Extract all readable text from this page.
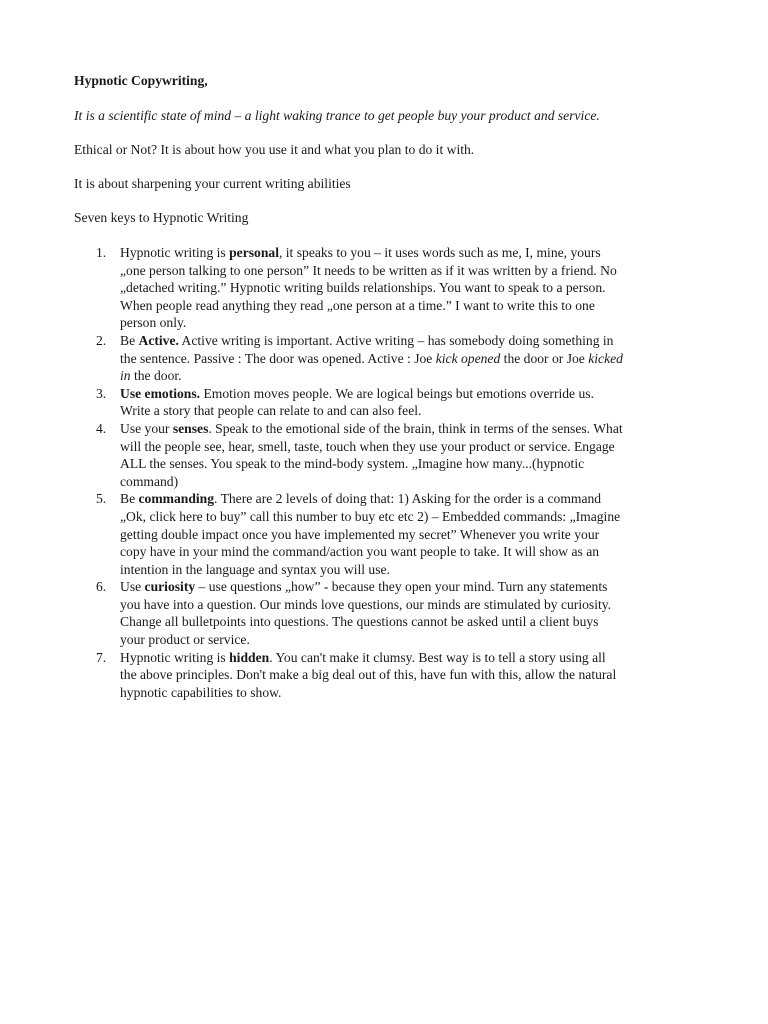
Hypnotic Copywriting,

It is a scientific state of mind – a light waking trance to get people buy your product and service.

Ethical or Not? It is about how you use it and what you plan to do it with.

It is about sharpening your current writing abilities

Seven keys to Hypnotic Writing

1. Hypnotic writing is personal, it speaks to you – it uses words such as me, I, mine, yours
„one person talking to one person” It needs to be written as if it was written by a friend. No
„detached writing.” Hypnotic writing builds relationships. You want to speak to a person.
When people read anything they read „one person at a time.” I want to write this to one
person only.
2. Be Active. Active writing is important. Active writing – has somebody doing something in
the sentence. Passive : The door was opened. Active : Joe kick opened the door or Joe kicked
in the door.
3. Use emotions. Emotion moves people. We are logical beings but emotions override us.
Write a story that people can relate to and can also feel.
4. Use your senses. Speak to the emotional side of the brain, think in terms of the senses. What
will the people see, hear, smell, taste, touch when they use your product or service. Engage
ALL the senses. You speak to the mind-body system. „Imagine how many...(hypnotic
command)
5. Be commanding. There are 2 levels of doing that: 1) Asking for the order is a command
„Ok, click here to buy” call this number to buy etc etc 2) – Embedded commands: „Imagine
getting double impact once you have implemented my secret” Whenever you write your
copy have in your mind the command/action you want people to take. It will show as an
intention in the language and syntax you will use.
6. Use curiosity – use questions „how” - because they open your mind. Turn any statements
you have into a question. Our minds love questions, our minds are stimulated by curiosity.
Change all bulletpoints into questions. The questions cannot be asked until a client buys
your product or service.
7. Hypnotic writing is hidden. You can't make it clumsy. Best way is to tell a story using all
the above principles. Don't make a big deal out of this, have fun with this, allow the natural
hypnotic capabilities to show.
